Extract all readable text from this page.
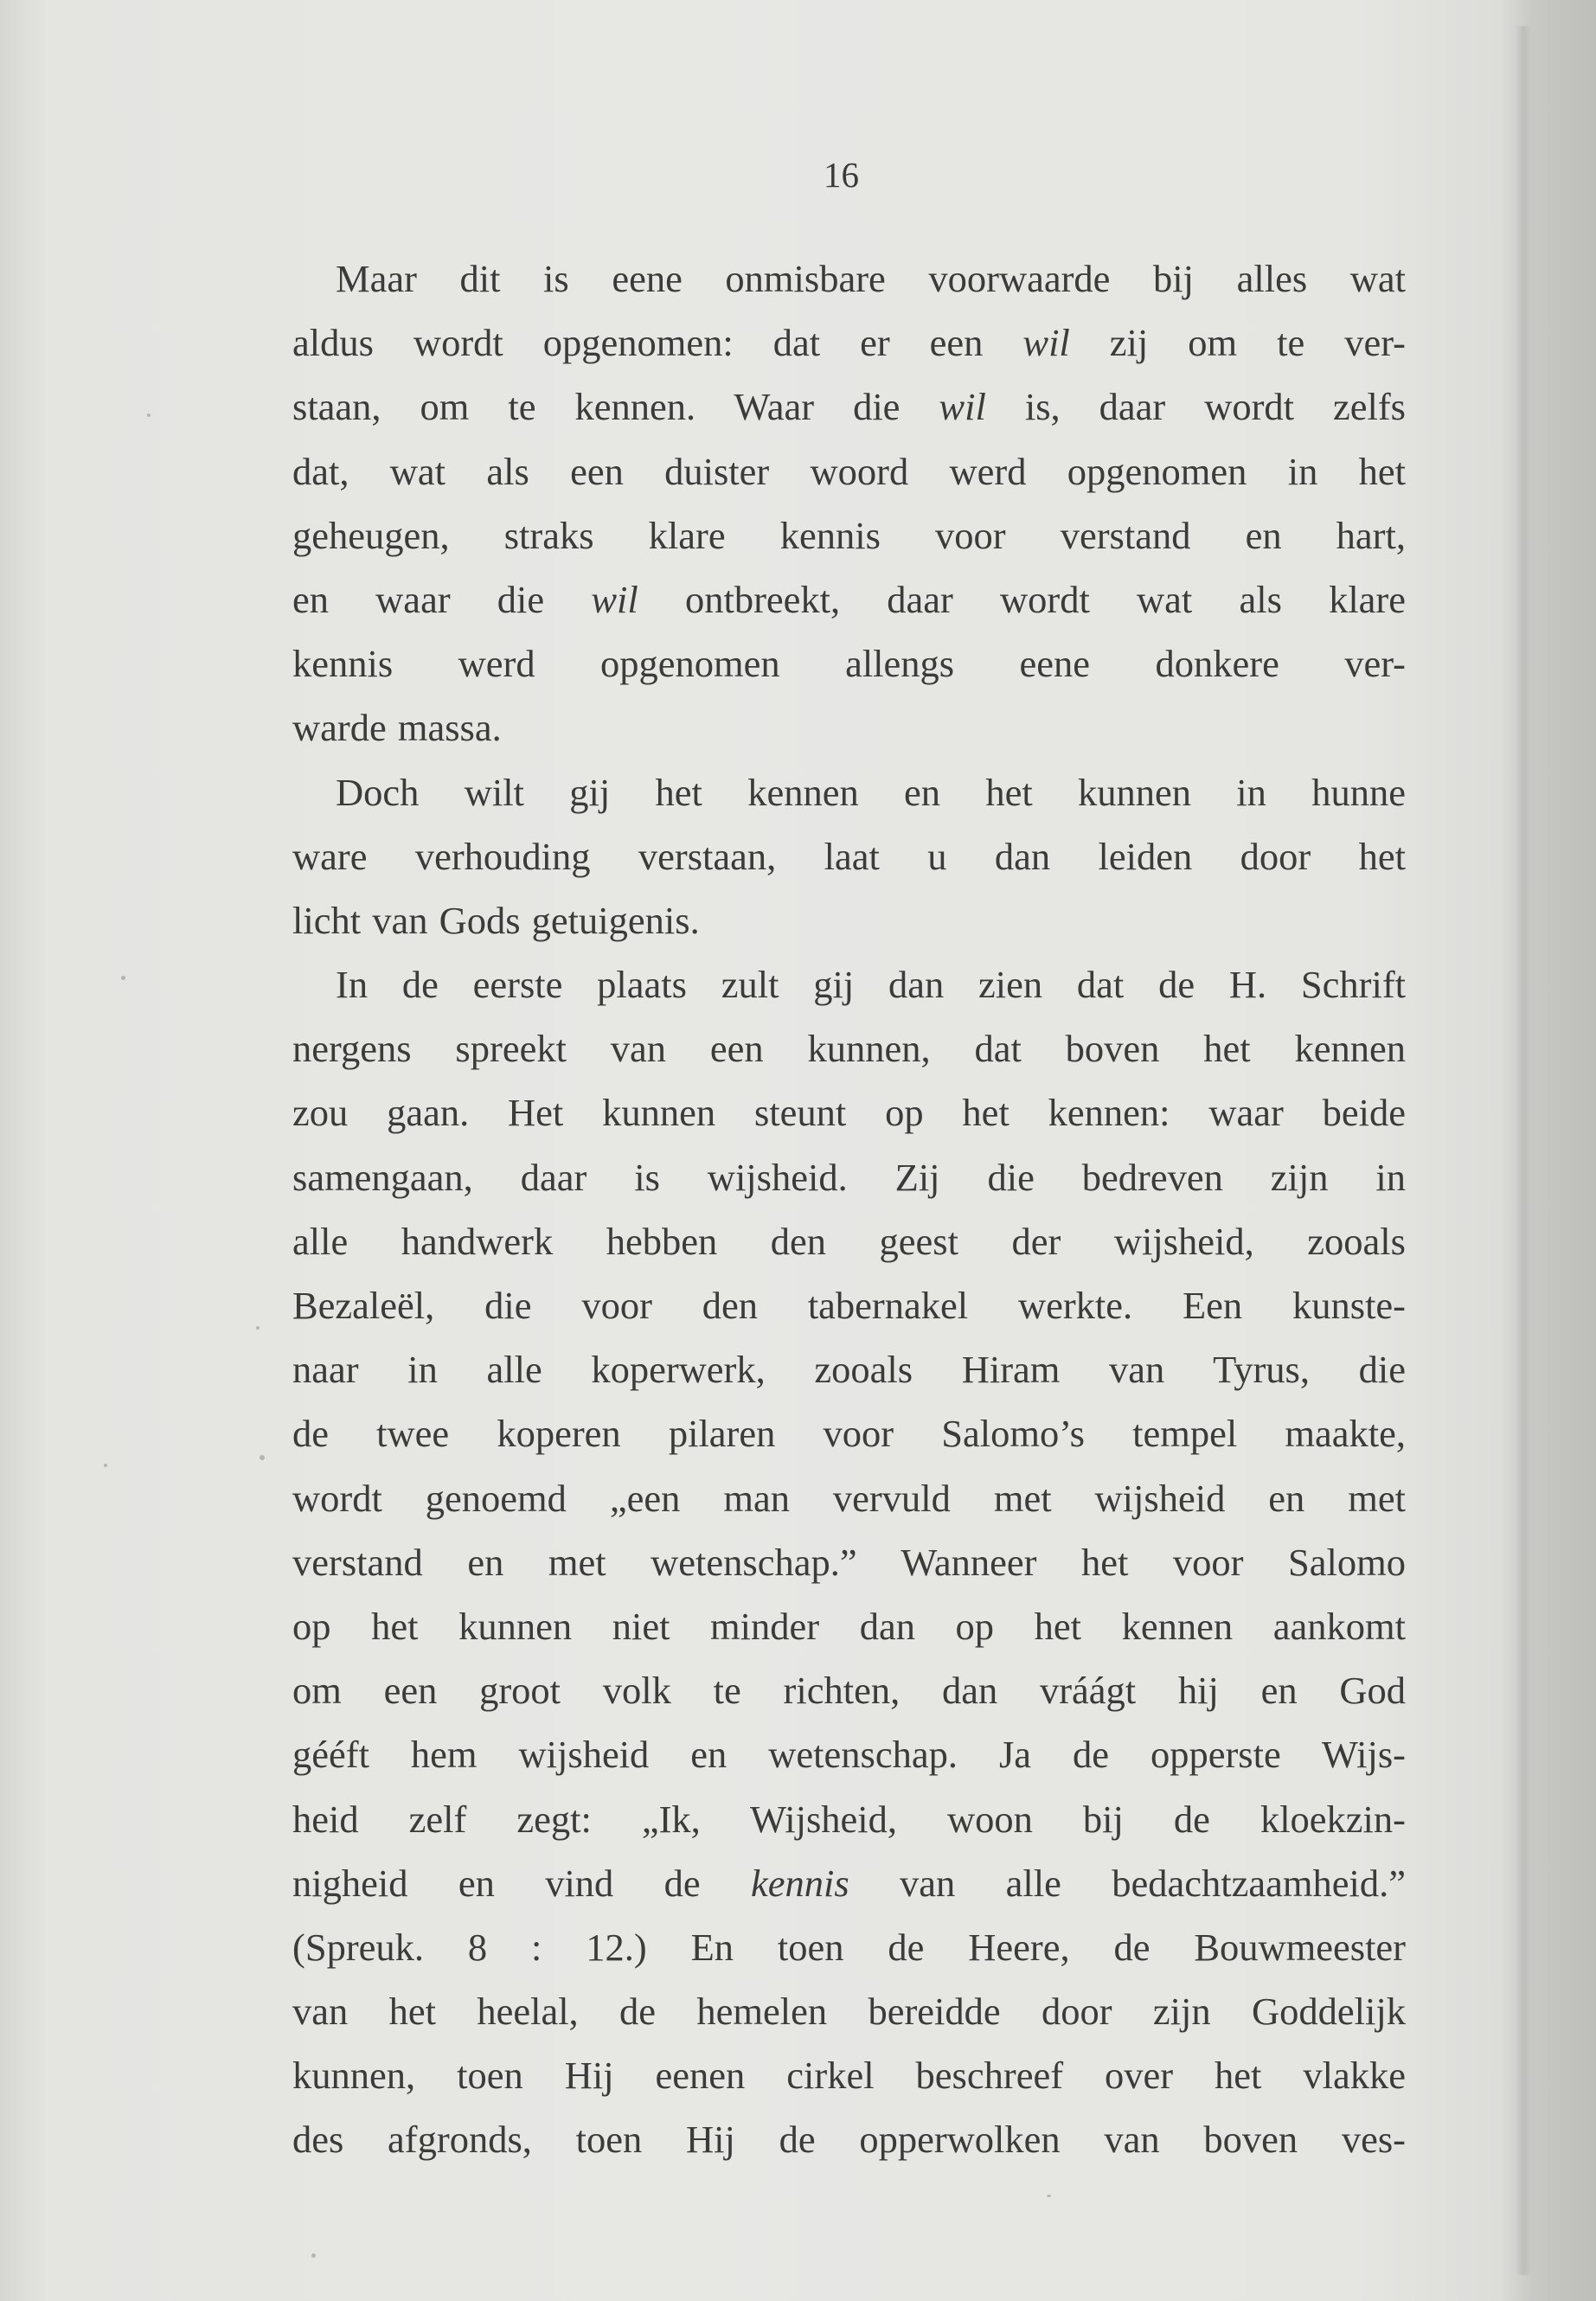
16
Maar dit is eene onmisbare voorwaarde bij alles wat
aldus wordt opgenomen: dat er een wil zij om te ver-
staan, om te kennen. Waar die wil is, daar wordt zelfs
dat, wat als een duister woord werd opgenomen in het
geheugen, straks klare kennis voor verstand en hart,
en waar die wil ontbreekt, daar wordt wat als klare
kennis werd opgenomen allengs eene donkere ver-
warde massa.
Doch wilt gij het kennen en het kunnen in hunne
ware verhouding verstaan, laat u dan leiden door het
licht van Gods getuigenis.
In de eerste plaats zult gij dan zien dat de H. Schrift
nergens spreekt van een kunnen, dat boven het kennen
zou gaan. Het kunnen steunt op het kennen: waar beide
samengaan, daar is wijsheid. Zij die bedreven zijn in
alle handwerk hebben den geest der wijsheid, zooals
Bezaleël, die voor den tabernakel werkte. Een kunste-
naar in alle koperwerk, zooals Hiram van Tyrus, die
de twee koperen pilaren voor Salomo’s tempel maakte,
wordt genoemd „een man vervuld met wijsheid en met
verstand en met wetenschap.” Wanneer het voor Salomo
op het kunnen niet minder dan op het kennen aankomt
om een groot volk te richten, dan vráágt hij en God
gééft hem wijsheid en wetenschap. Ja de opperste Wijs-
heid zelf zegt: „Ik, Wijsheid, woon bij de kloekzin-
nigheid en vind de kennis van alle bedachtzaamheid.”
(Spreuk. 8 : 12.) En toen de Heere, de Bouwmeester
van het heelal, de hemelen bereidde door zijn Goddelijk
kunnen, toen Hij eenen cirkel beschreef over het vlakke
des afgronds, toen Hij de opperwolken van boven ves-
